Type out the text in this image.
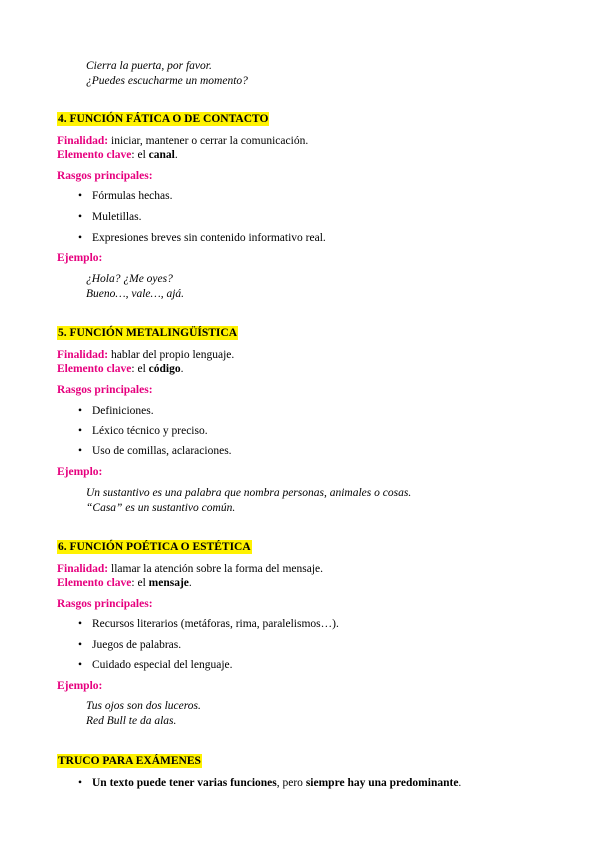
Cierra la puerta, por favor.
¿Puedes escucharme un momento?
4. FUNCIÓN FÁTICA O DE CONTACTO
Finalidad: iniciar, mantener o cerrar la comunicación.
Elemento clave: el canal.
Rasgos principales:
• Fórmulas hechas.
• Muletillas.
• Expresiones breves sin contenido informativo real.
Ejemplo:
¿Hola? ¿Me oyes?
Bueno…, vale…, ajá.
5. FUNCIÓN METALINGÜÍSTICA
Finalidad: hablar del propio lenguaje.
Elemento clave: el código.
Rasgos principales:
• Definiciones.
• Léxico técnico y preciso.
• Uso de comillas, aclaraciones.
Ejemplo:
Un sustantivo es una palabra que nombra personas, animales o cosas.
“Casa” es un sustantivo común.
6. FUNCIÓN POÉTICA O ESTÉTICA
Finalidad: llamar la atención sobre la forma del mensaje.
Elemento clave: el mensaje.
Rasgos principales:
• Recursos literarios (metáforas, rima, paralelismos…).
• Juegos de palabras.
• Cuidado especial del lenguaje.
Ejemplo:
Tus ojos son dos luceros.
Red Bull te da alas.
TRUCO PARA EXÁMENES
• Un texto puede tener varias funciones, pero siempre hay una predominante.
